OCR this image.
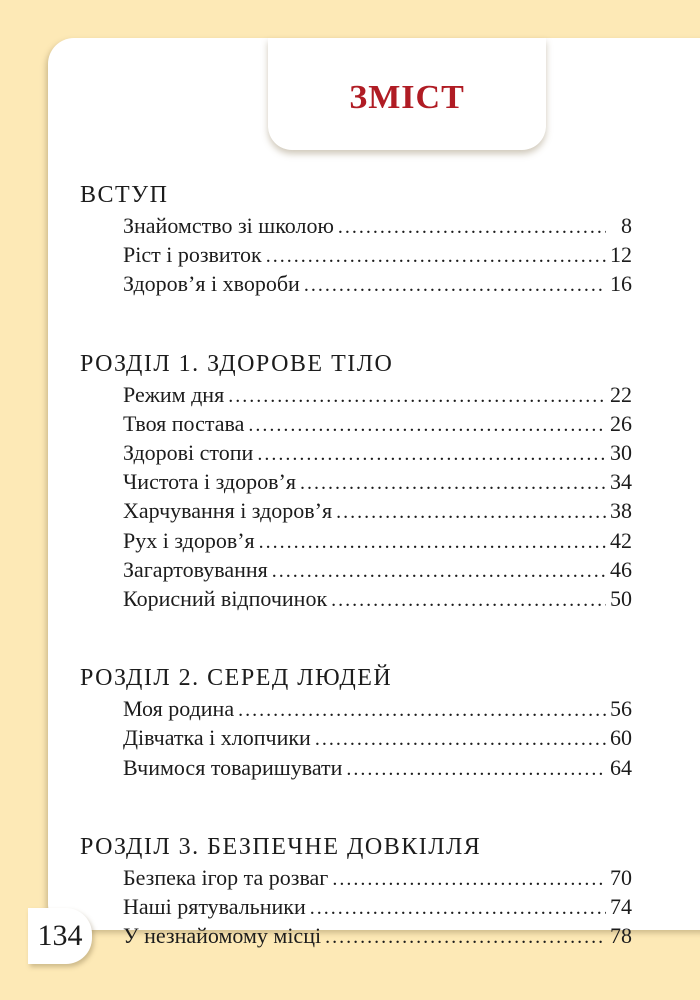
ЗМІСТ
ВСТУП
Знайомство зі школою .....	8
Ріст і розвиток .....	12
Здоров’я і хвороби .....	16
РОЗДІЛ 1. ЗДОРОВЕ ТІЛО
Режим дня .....	22
Твоя постава .....	26
Здорові стопи .....	30
Чистота і здоров’я .....	34
Харчування і здоров’я .....	38
Рух і здоров’я .....	42
Загартовування .....	46
Корисний відпочинок .....	50
РОЗДІЛ 2. СЕРЕД ЛЮДЕЙ
Моя родина .....	56
Дівчатка і хлопчики .....	60
Вчимося товаришувати .....	64
РОЗДІЛ 3. БЕЗПЕЧНЕ ДОВКІЛЛЯ
Безпека ігор та розваг .....	70
Наші рятувальники .....	74
У незнайомому місці .....	78
134
